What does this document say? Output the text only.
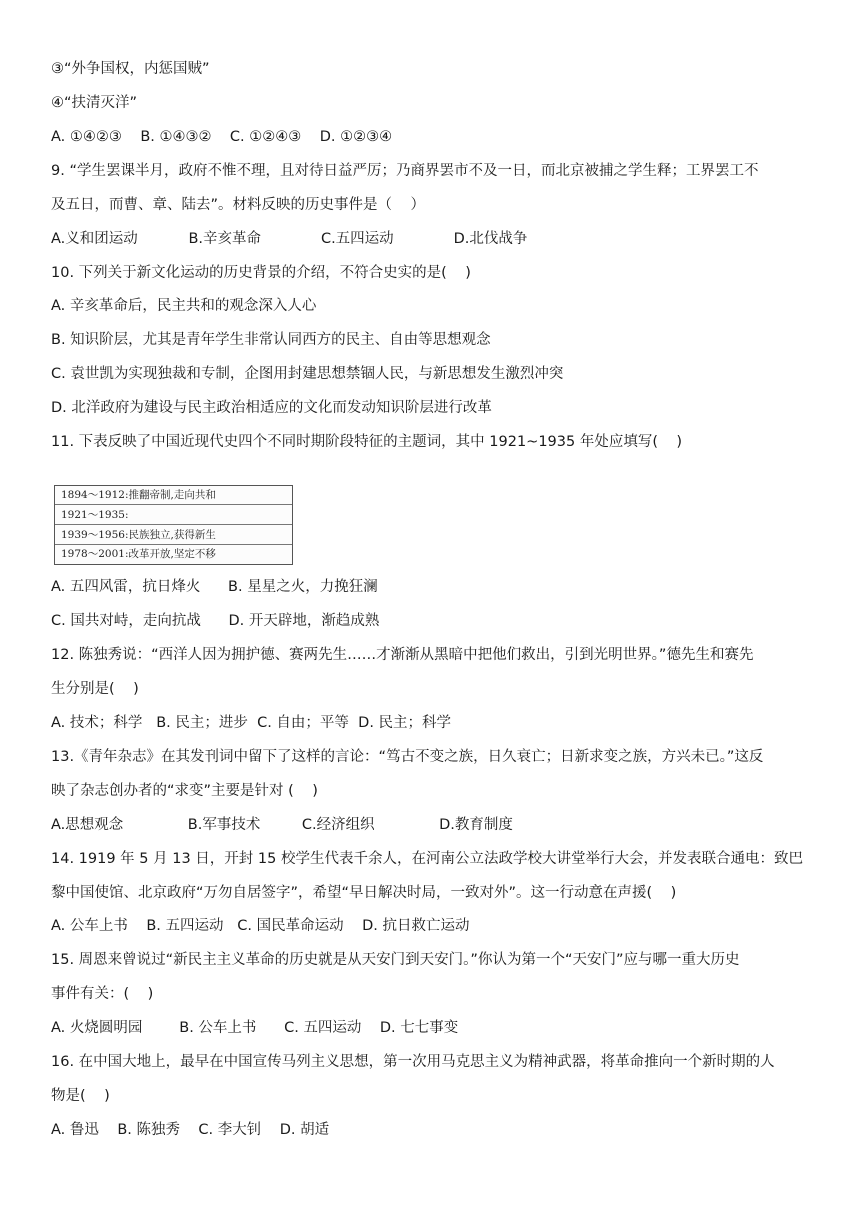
③“外争国权，内惩国贼”
④“扶清灭洋”
A. ①④②③    B. ①④③②    C. ①②④③    D. ①②③④
9. “学生罢课半月，政府不惟不理，且对待日益严厉；乃商界罢市不及一日，而北京被捕之学生释；工界罢工不
及五日，而曹、章、陆去”。材料反映的历史事件是（    ）
A.义和团运动           B.辛亥革命             C.五四运动             D.北伐战争
10. 下列关于新文化运动的历史背景的介绍，不符合史实的是(    )
A. 辛亥革命后，民主共和的观念深入人心
B. 知识阶层，尤其是青年学生非常认同西方的民主、自由等思想观念
C. 袁世凯为实现独裁和专制，企图用封建思想禁锢人民，与新思想发生激烈冲突
D. 北洋政府为建设与民主政治相适应的文化而发动知识阶层进行改革
11. 下表反映了中国近现代史四个不同时期阶段特征的主题词，其中 1921~1935 年处应填写(    )
1894～1912:推翻帝制,走向共和
1921～1935:
1939～1956:民族独立,获得新生
1978～2001:改革开放,坚定不移
A. 五四风雷，抗日烽火      B. 星星之火，力挽狂澜
C. 国共对峙，走向抗战      D. 开天辟地，渐趋成熟
12. 陈独秀说：“西洋人因为拥护德、赛两先生……才渐渐从黑暗中把他们救出，引到光明世界。”德先生和赛先
生分别是(    )
A. 技术；科学   B. 民主；进步  C. 自由；平等  D. 民主；科学
13.《青年杂志》在其发刊词中留下了这样的言论：“笃古不变之族，日久衰亡；日新求变之族，方兴未已。”这反
映了杂志创办者的“求变”主要是针对 (    )
A.思想观念              B.军事技术         C.经济组织              D.教育制度
14. 1919 年 5 月 13 日，开封 15 校学生代表千余人，在河南公立法政学校大讲堂举行大会，并发表联合通电：致巴
黎中国使馆、北京政府“万勿自居签字”，希望“早日解决时局，一致对外”。这一行动意在声援(    )
A. 公车上书    B. 五四运动   C. 国民革命运动    D. 抗日救亡运动
15. 周恩来曾说过“新民主主义革命的历史就是从天安门到天安门。”你认为第一个“天安门”应与哪一重大历史
事件有关：(    )
A. 火烧圆明园        B. 公车上书      C. 五四运动    D. 七七事变
16. 在中国大地上，最早在中国宣传马列主义思想，第一次用马克思主义为精神武器，将革命推向一个新时期的人
物是(    )
A. 鲁迅    B. 陈独秀    C. 李大钊    D. 胡适
